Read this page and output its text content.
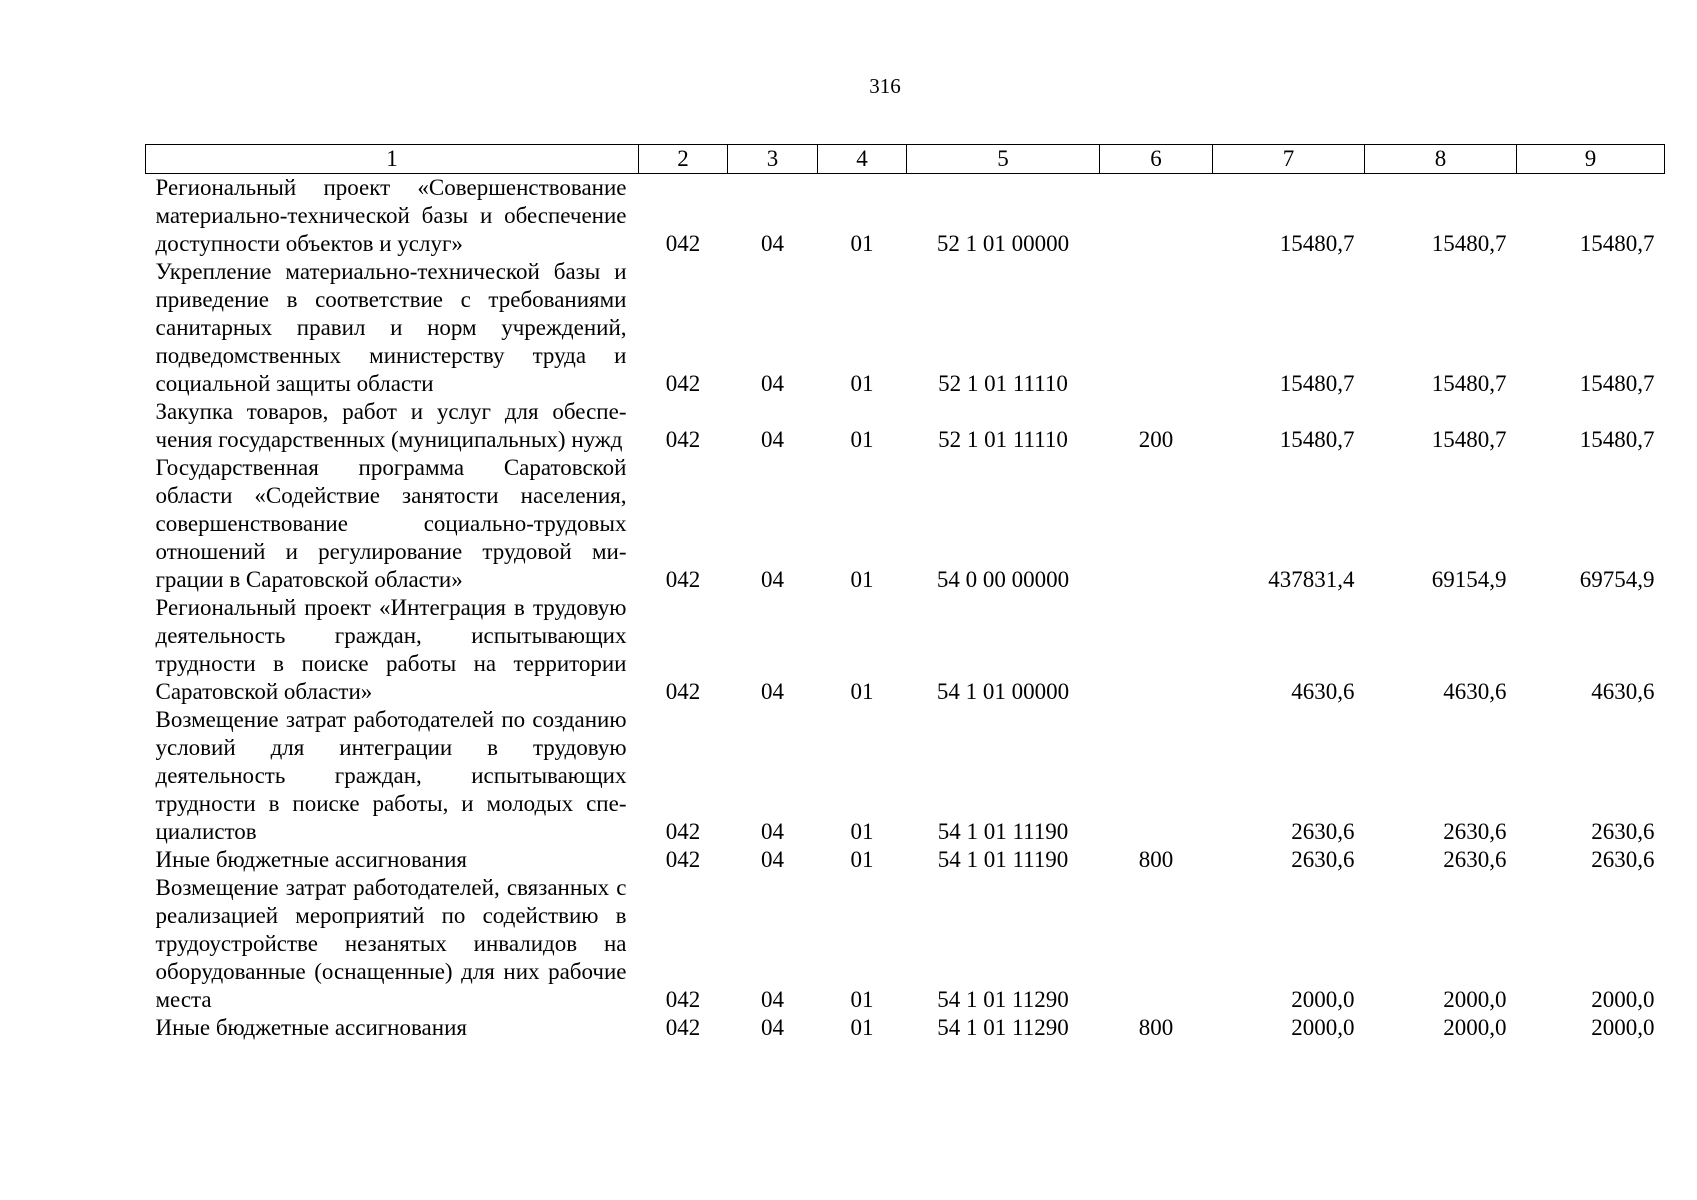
316
1	2	3	4	5	6	7	8	9
Региональный проект «Совершенствование материально-технической базы и обеспечение доступности объектов и услуг»	042	04	01	52 1 01 00000		15480,7	15480,7	15480,7
Укрепление материально-технической базы и приведение в соответствие с требованиями санитарных правил и норм учреждений, подведомственных министерству труда и социальной защиты области	042	04	01	52 1 01 11110		15480,7	15480,7	15480,7
Закупка товаров, работ и услуг для обеспечения государственных (муниципальных) нужд	042	04	01	52 1 01 11110	200	15480,7	15480,7	15480,7
Государственная программа Саратовской области «Содействие занятости населения, совершенствование социально-трудовых отношений и регулирование трудовой миграции в Саратовской области»	042	04	01	54 0 00 00000		437831,4	69154,9	69754,9
Региональный проект «Интеграция в трудовую деятельность граждан, испытывающих трудности в поиске работы на территории Саратовской области»	042	04	01	54 1 01 00000		4630,6	4630,6	4630,6
Возмещение затрат работодателей по созданию условий для интеграции в трудовую деятельность граждан, испытывающих трудности в поиске работы, и молодых специалистов	042	04	01	54 1 01 11190		2630,6	2630,6	2630,6
Иные бюджетные ассигнования	042	04	01	54 1 01 11190	800	2630,6	2630,6	2630,6
Возмещение затрат работодателей, связанных с реализацией мероприятий по содействию в трудоустройстве незанятых инвалидов на оборудованные (оснащенные) для них рабочие места	042	04	01	54 1 01 11290		2000,0	2000,0	2000,0
Иные бюджетные ассигнования	042	04	01	54 1 01 11290	800	2000,0	2000,0	2000,0
